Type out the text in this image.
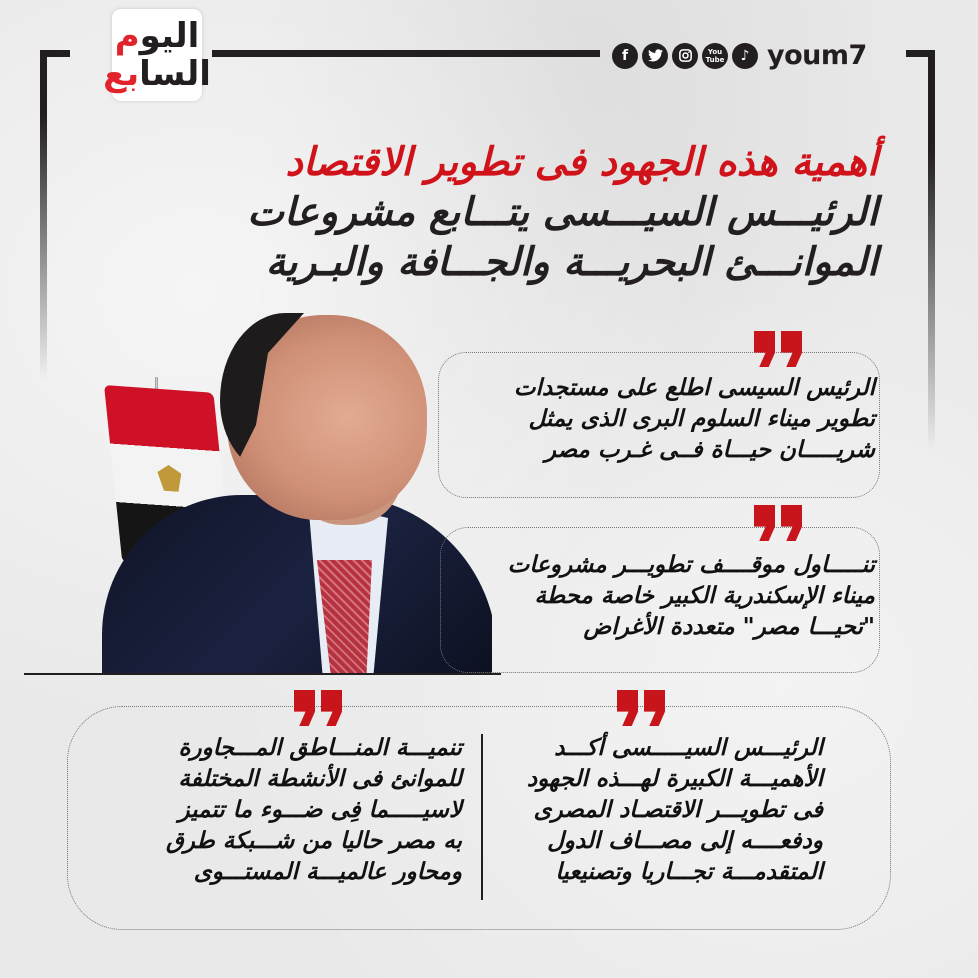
اليوم
السابع	f	You Tube	♪ youm7
أهمية هذه الجهود فى تطوير الاقتصاد
الرئيـــس السيـــسى يتـــابع مشروعات
الموانـــئ البحريـــة والجـــافة والبـرية
الرئيس السيسى اطلع على مستجدات
تطوير ميناء السلوم البرى الذى يمثل
شريـــــان حيـــاة فــى غـرب مصر
تنـــــاول موقــــف تطويـــر مشروعات
ميناء الإسكندرية الكبير خاصة محطة
"تحيـــا مصر" متعددة الأغراض
الرئيـــس السيـــــسى أكـــد
الأهميـــة الكبيرة لهـــذه الجهود
فى تطويـــر الاقتصـاد المصرى
ودفعــــه إلى مصـــاف الدول
المتقدمـــة تجـــاريا وتصنيعيا
تنميـــة المنـــاطق المـــجاورة
للموانئ فى الأنشطة المختلفة
لاسيـــــما فِى ضـــوء ما تتميز
به مصر حاليا من شـــبكة طرق
ومحاور عالميـــة المستـــوى
